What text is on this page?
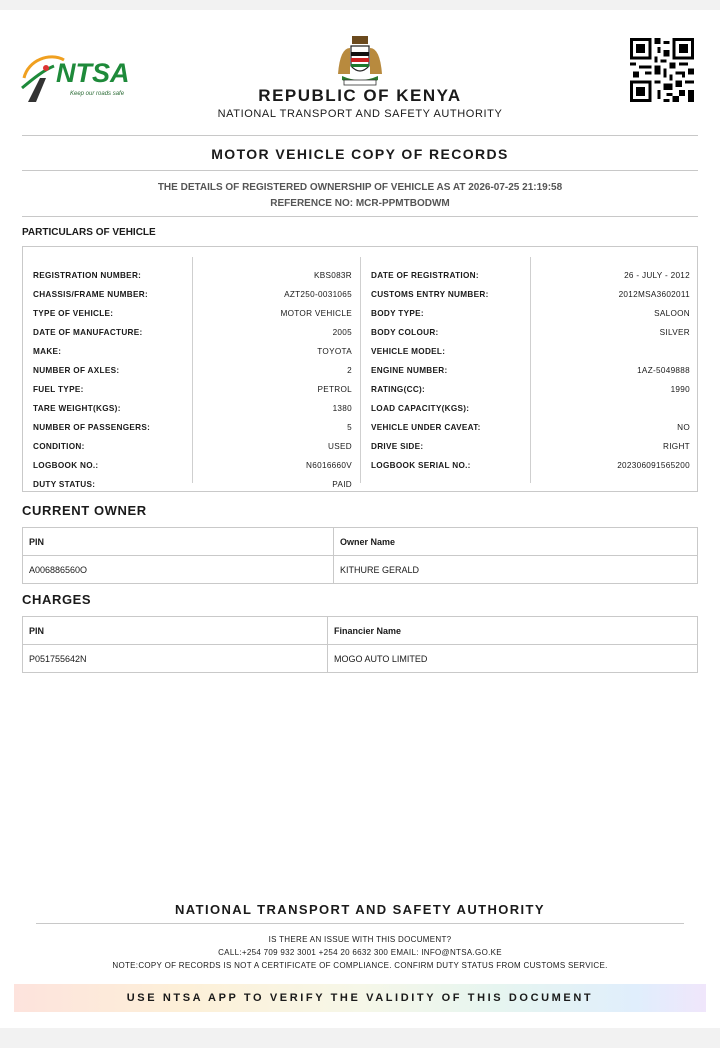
NTSA
Keep our roads safe	REPUBLIC OF KENYA
NATIONAL TRANSPORT AND SAFETY AUTHORITY
MOTOR VEHICLE COPY OF RECORDS
THE DETAILS OF REGISTERED OWNERSHIP OF VEHICLE AS AT 2026-07-25 21:19:58
REFERENCE NO: MCR-PPMTBODWM
PARTICULARS OF VEHICLE
REGISTRATION NUMBER:	KBS083R
CHASSIS/FRAME NUMBER:	AZT250-0031065
TYPE OF VEHICLE:	MOTOR VEHICLE
DATE OF MANUFACTURE:	2005
MAKE:	TOYOTA
NUMBER OF AXLES:	2
FUEL TYPE:	PETROL
TARE WEIGHT(KGS):	1380
NUMBER OF PASSENGERS:	5
CONDITION:	USED
LOGBOOK NO.:	N6016660V
DUTY STATUS:	PAID
DATE OF REGISTRATION:	26 - JULY - 2012
CUSTOMS ENTRY NUMBER:	2012MSA3602011
BODY TYPE:	SALOON
BODY COLOUR:	SILVER
VEHICLE MODEL:
ENGINE NUMBER:	1AZ-5049888
RATING(CC):	1990
LOAD CAPACITY(KGS):
VEHICLE UNDER CAVEAT:	NO
DRIVE SIDE:	RIGHT
LOGBOOK SERIAL NO.:	202306091565200
CURRENT OWNER
PIN	Owner Name
A006886560O	KITHURE GERALD
CHARGES
PIN	Financier Name
P051755642N	MOGO AUTO LIMITED
NATIONAL TRANSPORT AND SAFETY AUTHORITY
IS THERE AN ISSUE WITH THIS DOCUMENT?
CALL:+254 709 932 3001 +254 20 6632 300 EMAIL: INFO@NTSA.GO.KE
NOTE:COPY OF RECORDS IS NOT A CERTIFICATE OF COMPLIANCE. CONFIRM DUTY STATUS FROM CUSTOMS SERVICE.
USE NTSA APP TO VERIFY THE VALIDITY OF THIS DOCUMENT
